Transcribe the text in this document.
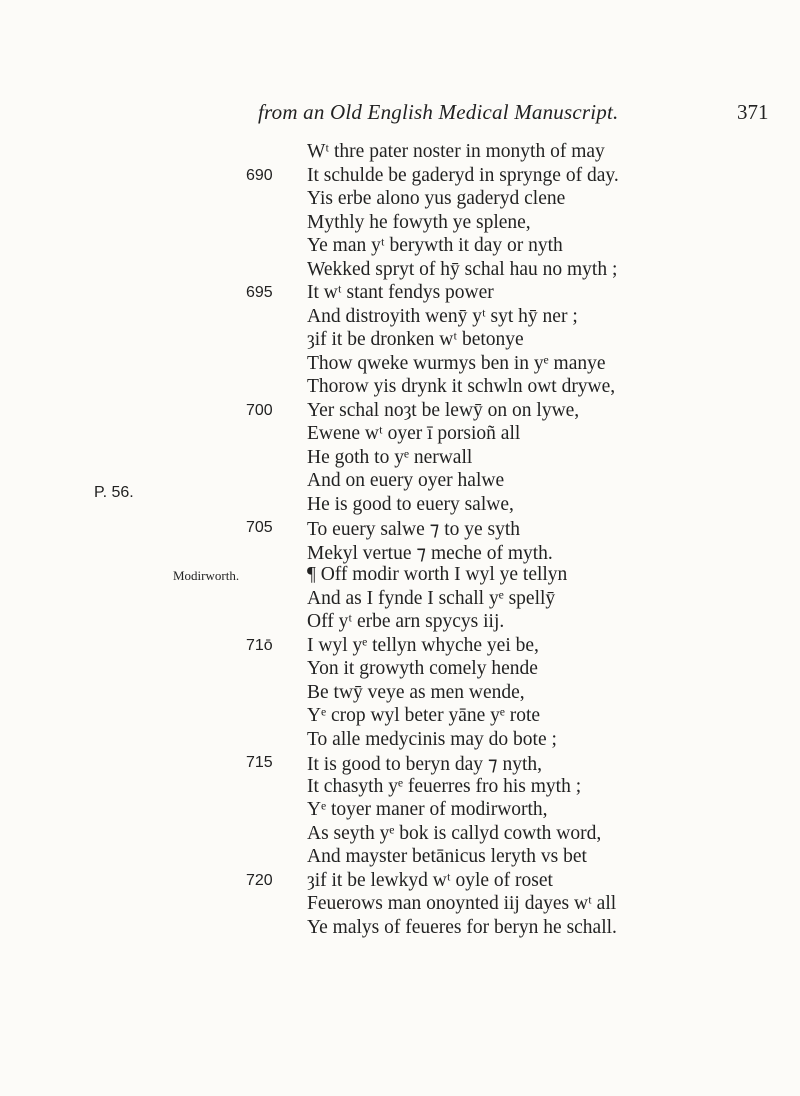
from an Old English Medical Manuscript.	371
P. 56.
Wᵗ thre pater noster in monyth of may
690	It schulde be gaderyd in sprynge of day.
Yis erbe alono yus gaderyd clene
Mythly he fowyth ye splene,
Ye man yᵗ berywth it day or nyth
Wekked spryt of hȳ schal hau no myth ;
695	It wᵗ stant fendys power
And distroyith wenȳ yᵗ syt hȳ ner ;
ȝif it be dronken wᵗ betonye
Thow qweke wurmys ben in yᵉ manye
Thorow yis drynk it schwln owt drywe,
700	Yer schal noȝt be lewȳ on on lywe,
Ewene wᵗ oyer ī porsioñ all
He goth to yᵉ nerwall
And on euery oyer halwe
He is good to euery salwe,
705	To euery salwe ⁊ to ye syth
Mekyl vertue ⁊ meche of myth.
Modirworth.	¶ Off modir worth I wyl ye tellyn
And as I fynde I schall yᵉ spellȳ
Off yᵗ erbe arn spycys iij.
71ō	I wyl yᵉ tellyn whyche yei be,
Yon it growyth comely hende
Be twȳ veye as men wende,
Yᵉ crop wyl beter yāne yᵉ rote
To alle medycinis may do bote ;
715	It is good to beryn day ⁊ nyth,
It chasyth yᵉ feuerres fro his myth ;
Yᵉ toyer maner of modirworth,
As seyth yᵉ bok is callyd cowth word,
And mayster betānicus leryth vs bet
720	ȝif it be lewkyd wᵗ oyle of roset
Feuerows man onoynted iij dayes wᵗ all
Ye malys of feueres for beryn he schall.
